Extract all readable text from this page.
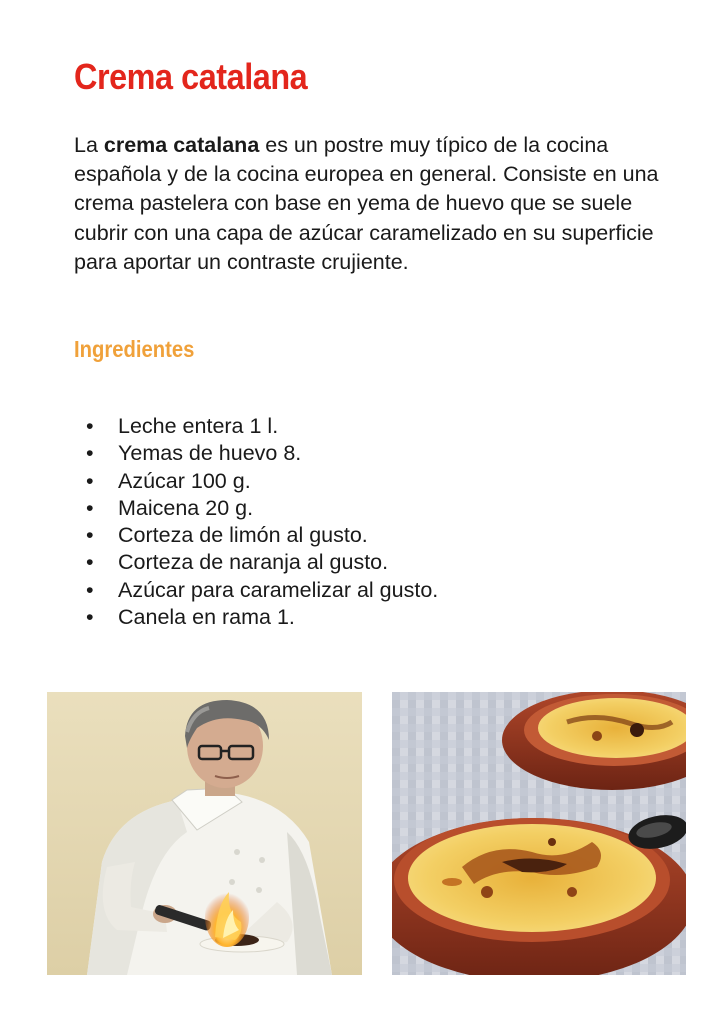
Crema catalana

La crema catalana es un postre muy típico de la cocina española y de la cocina europea en general. Consiste en una crema pastelera con base en yema de huevo que se suele cubrir con una capa de azúcar caramelizado en su superficie para aportar un contraste crujiente.

Ingredientes
• Leche entera 1 l.
• Yemas de huevo 8.
• Azúcar 100 g.
• Maicena 20 g.
• Corteza de limón al gusto.
• Corteza de naranja al gusto.
• Azúcar para caramelizar al gusto.
• Canela en rama 1.
